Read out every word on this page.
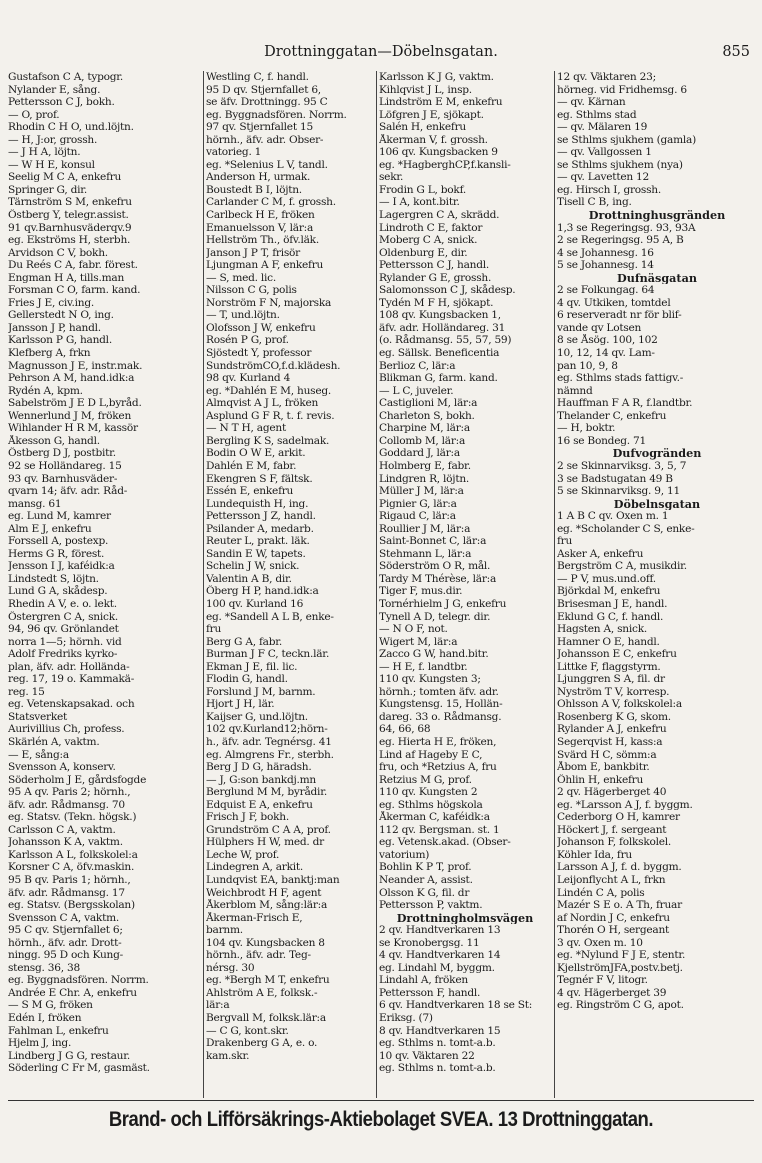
Drottninggatan—Döbelnsgatan.	855
Gustafson C A, typogr.
Nylander E, sång.
Pettersson C J, bokh.
— O, prof.
Rhodin C H O, und.löjtn.
— H, J:or, grossh.
— J H A, löjtn.
— W H E, konsul
Seelig M C A, enkefru
Springer G, dir.
Tärnström S M, enkefru
Östberg Y, telegr.assist.
91 qv.Barnhusväderqv.9
eg. Ekströms H, sterbh.
Arvidson C V, bokh.
Du Reés C A, fabr. förest.
Engman H A, tills.man
Forsman C O, farm. kand.
Fries J E, civ.ing.
Gellerstedt N O, ing.
Jansson J P, handl.
Karlsson P G, handl.
Klefberg A, frkn
Magnusson J E, instr.mak.
Pehrson A M, hand.idk:a
Rydén A, kpm.
Sabelström J E D L,byråd.
Wennerlund J M, fröken
Wihlander H R M, kassör
Åkesson G, handl.
Östberg D J, postbitr.
92 se Holländareg. 15
93 qv. Barnhusväder-
qvarn 14; äfv. adr. Råd-
mansg. 61
eg. Lund M, kamrer
Alm E J, enkefru
Forssell A, postexp.
Herms G R, förest.
Jensson I J, kaféidk:a
Lindstedt S, löjtn.
Lund G A, skådesp.
Rhedin A V, e. o. lekt.
Östergren C A, snick.
94, 96 qv. Grönlandet
norra 1—5; hörnh. vid
Adolf Fredriks kyrko-
plan, äfv. adr. Hollända-
reg. 17, 19 o. Kammakä-
reg. 15
eg. Vetenskapsakad. och
Statsverket
Aurivillius Ch, profess.
Skärlén A, vaktm.
— E, sång:a
Svensson A, konserv.
Söderholm J E, gårdsfogde
95 A qv. Paris 2; hörnh.,
äfv. adr. Rådmansg. 70
eg. Statsv. (Tekn. högsk.)
Carlsson C A, vaktm.
Johansson K A, vaktm.
Karlsson A L, folkskolel:a
Korsner C A, öfv.maskin.
95 B qv. Paris 1; hörnh.,
äfv. adr. Rådmansg. 17
eg. Statsv. (Bergsskolan)
Svensson C A, vaktm.
95 C qv. Stjernfallet 6;
hörnh., äfv. adr. Drott-
ningg. 95 D och Kung-
stensg. 36, 38
eg. Byggnadsfören. Norrm.
Andrée E Chr. A, enkefru
— S M G, fröken
Edén I, fröken
Fahlman L, enkefru
Hjelm J, ing.
Lindberg J G G, restaur.
Söderling C Fr M, gasmäst.
Westling C, f. handl.
95 D qv. Stjernfallet 6,
se äfv. Drottningg. 95 C
eg. Byggnadsfören. Norrm.
97 qv. Stjernfallet 15
hörnh., äfv. adr. Obser-
vatorieg. 1
eg. *Selenius L V, tandl.
Anderson H, urmak.
Boustedt B I, löjtn.
Carlander C M, f. grossh.
Carlbeck H E, fröken
Emanuelsson V, lär:a
Hellström Th., öfv.läk.
Janson J P T, frisör
Ljungman A F, enkefru
— S, med. lic.
Nilsson C G, polis
Norström F N, majorska
— T, und.löjtn.
Olofsson J W, enkefru
Rosén P G, prof.
Sjöstedt Y, professor
SundströmCO,f.d.klädesh.
98 qv. Kurland 4
eg. *Dahlén E M, huseg.
Almqvist A J L, fröken
Asplund G F R, t. f. revis.
— N T H, agent
Bergling K S, sadelmak.
Bodin O W E, arkit.
Dahlén E M, fabr.
Ekengren S F, fältsk.
Essén E, enkefru
Lundequisth H, ing.
Pettersson J Z, handl.
Psilander A, medarb.
Reuter L, prakt. läk.
Sandin E W, tapets.
Schelin J W, snick.
Valentin A B, dir.
Öberg H P, hand.idk:a
100 qv. Kurland 16
eg. *Sandell A L B, enke-
fru
Berg G A, fabr.
Burman J F C, teckn.lär.
Ekman J E, fil. lic.
Flodin G, handl.
Forslund J M, barnm.
Hjort J H, lär.
Kaijser G, und.löjtn.
102 qv.Kurland12;hörn-
h., äfv. adr. Tegnérsg. 41
eg. Almgrens Fr., sterbh.
Berg J D G, häradsh.
— J, G:son bankdj.mn
Berglund M M, byrådir.
Edquist E A, enkefru
Frisch J F, bokh.
Grundström C A A, prof.
Hülphers H W, med. dr
Leche W, prof.
Lindegren A, arkit.
Lundqvist EA, banktj:man
Weichbrodt H F, agent
Åkerblom M, sång:lär:a
Åkerman-Frisch E,
barnm.
104 qv. Kungsbacken 8
hörnh., äfv. adr. Teg-
nérsg. 30
eg. *Bergh M T, enkefru
Ahlström A E, folksk.-
lär:a
Bergvall M, folksk.lär:a
— C G, kont.skr.
Drakenberg G A, e. o.
kam.skr.
Karlsson K J G, vaktm.
Kihlqvist J L, insp.
Lindström E M, enkefru
Löfgren J E, sjökapt.
Salén H, enkefru
Åkerman V, f. grossh.
106 qv. Kungsbacken 9
eg. *HagberghCP,f.kansli-
sekr.
Frodin G L, bokf.
— I A, kont.bitr.
Lagergren C A, skrädd.
Lindroth C E, faktor
Moberg C A, snick.
Oldenburg E, dir.
Pettersson C J, handl.
Rylander G E, grossh.
Salomonsson C J, skådesp.
Tydén M F H, sjökapt.
108 qv. Kungsbacken 1,
äfv. adr. Holländareg. 31
(o. Rådmansg. 55, 57, 59)
eg. Sällsk. Beneficentia
Berlioz C, lär:a
Blikman G, farm. kand.
— L C, juveler.
Castiglioni M, lär:a
Charleton S, bokh.
Charpine M, lär:a
Collomb M, lär:a
Goddard J, lär:a
Holmberg E, fabr.
Lindgren R, löjtn.
Müller J M, lär:a
Pignier G, lär:a
Rigaud C, lär:a
Roullier J M, lär:a
Saint-Bonnet C, lär:a
Stehmann L, lär:a
Söderström O R, mål.
Tardy M Thérèse, lär:a
Tiger F, mus.dir.
Tornérhielm J G, enkefru
Tynell A D, telegr. dir.
— N O F, not.
Wigert M, lär:a
Zacco G W, hand.bitr.
— H E, f. landtbr.
110 qv. Kungsten 3;
hörnh.; tomten äfv. adr.
Kungstensg. 15, Hollän-
dareg. 33 o. Rådmansg.
64, 66, 68
eg. Hierta H E, fröken,
Lind af Hageby E C,
fru, och *Retzius A, fru
Retzius M G, prof.
110 qv. Kungsten 2
eg. Sthlms högskola
Åkerman C, kaféidk:a
112 qv. Bergsman. st. 1
eg. Vetensk.akad. (Obser-
vatorium)
Bohlin K P T, prof.
Neander A, assist.
Olsson K G, fil. dr
Pettersson P, vaktm.
Drottningholmsvägen
2 qv. Handtverkaren 13
se Kronobergsg. 11
4 qv. Handtverkaren 14
eg. Lindahl M, byggm.
Lindahl A, fröken
Pettersson F, handl.
6 qv. Handtverkaren 18 se St:
Eriksg. (7)
8 qv. Handtverkaren 15
eg. Sthlms n. tomt-a.b.
10 qv. Väktaren 22
eg. Sthlms n. tomt-a.b.
12 qv. Väktaren 23;
hörneg. vid Fridhemsg. 6
— qv. Kärnan
eg. Sthlms stad
— qv. Mälaren 19
se Sthlms sjukhem (gamla)
— qv. Vallgossen 1
se Sthlms sjukhem (nya)
— qv. Lavetten 12
eg. Hirsch I, grossh.
Tisell C B, ing.
Drottninghusgränden
1,3 se Regeringsg. 93, 93A
2 se Regeringsg. 95 A, B
4 se Johannesg. 16
5 se Johannesg. 14
Dufnäsgatan
2 se Folkungag. 64
4 qv. Utkiken, tomtdel
6 reserveradt nr för blif-
vande qv Lotsen
8 se Åsög. 100, 102
10, 12, 14 qv. Lam-
pan 10, 9, 8
eg. Sthlms stads fattigv.-
nämnd
Hauffman F A R, f.landtbr.
Thelander C, enkefru
— H, boktr.
16 se Bondeg. 71
Dufvogränden
2 se Skinnarviksg. 3, 5, 7
3 se Badstugatan 49 B
5 se Skinnarviksg. 9, 11
Döbelnsgatan
1 A B C qv. Oxen m. 1
eg. *Scholander C S, enke-
fru
Asker A, enkefru
Bergström C A, musikdir.
— P V, mus.und.off.
Björkdal M, enkefru
Brisesman J E, handl.
Eklund G C, f. handl.
Hagsten A, snick.
Hamner O E, handl.
Johansson E C, enkefru
Littke F, flaggstyrm.
Ljunggren S A, fil. dr
Nyström T V, korresp.
Ohlsson A V, folkskolel:a
Rosenberg K G, skom.
Rylander A J, enkefru
Segerqvist H, kass:a
Svärd H C, sömm:a
Åbom E, bankbitr.
Öhlin H, enkefru
2 qv. Hägerberget 40
eg. *Larsson A J, f. byggm.
Cederborg O H, kamrer
Höckert J, f. sergeant
Johanson F, folkskolel.
Köhler Ida, fru
Larsson A J, f. d. byggm.
Leijonflycht A L, frkn
Lindén C A, polis
Mazér S E o. A Th, fruar
af Nordin J C, enkefru
Thorén O H, sergeant
3 qv. Oxen m. 10
eg. *Nylund F J E, stentr.
KjellströmJFA,postv.betj.
Tegnér F V, litogr.
4 qv. Hägerberget 39
eg. Ringström C G, apot.
Brand- och Lifförsäkrings-Aktiebolaget SVEA. 13 Drottninggatan.
